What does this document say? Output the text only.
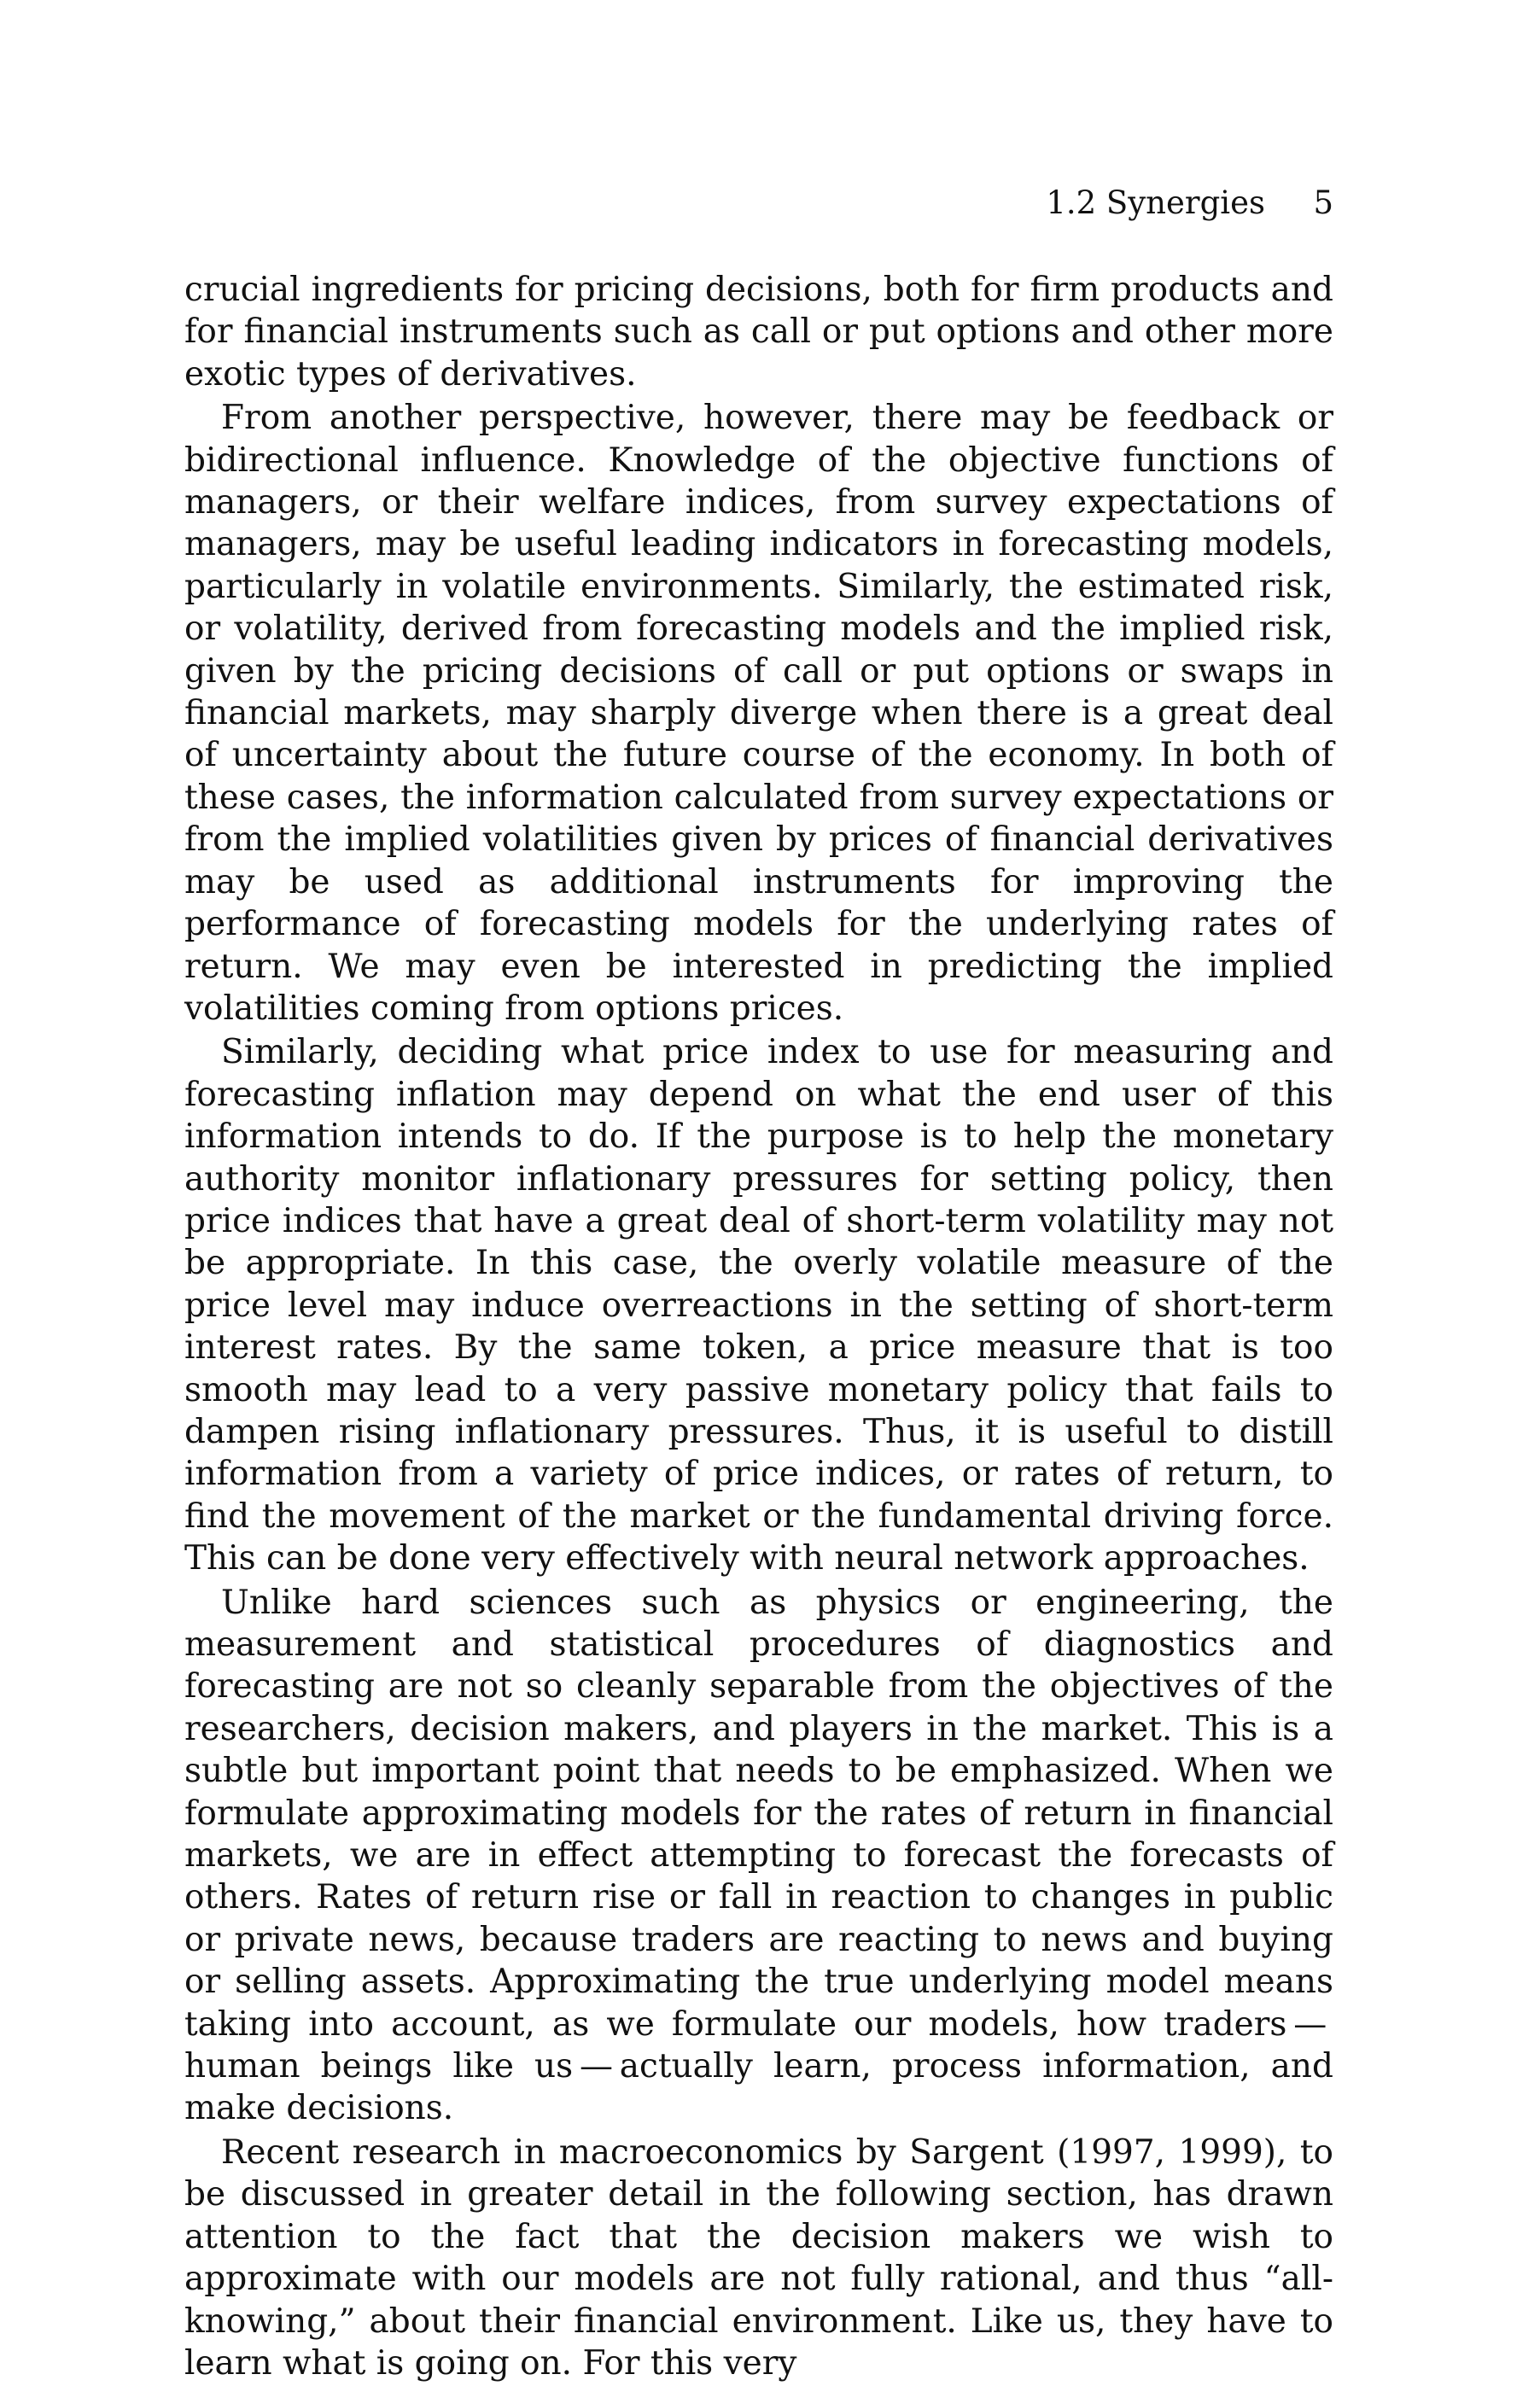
1.2 Synergies 5

crucial ingredients for pricing decisions, both for firm products and for financial instruments such as call or put options and other more exotic types of derivatives.

From another perspective, however, there may be feedback or bidirectional influence. Knowledge of the objective functions of managers, or their welfare indices, from survey expectations of managers, may be useful leading indicators in forecasting models, particularly in volatile environments. Similarly, the estimated risk, or volatility, derived from forecasting models and the implied risk, given by the pricing decisions of call or put options or swaps in financial markets, may sharply diverge when there is a great deal of uncertainty about the future course of the economy. In both of these cases, the information calculated from survey expectations or from the implied volatilities given by prices of financial derivatives may be used as additional instruments for improving the performance of forecasting models for the underlying rates of return. We may even be interested in predicting the implied volatilities coming from options prices.

Similarly, deciding what price index to use for measuring and forecasting inflation may depend on what the end user of this information intends to do. If the purpose is to help the monetary authority monitor inflationary pressures for setting policy, then price indices that have a great deal of short-term volatility may not be appropriate. In this case, the overly volatile measure of the price level may induce overreactions in the setting of short-term interest rates. By the same token, a price measure that is too smooth may lead to a very passive monetary policy that fails to dampen rising inflationary pressures. Thus, it is useful to distill information from a variety of price indices, or rates of return, to find the movement of the market or the fundamental driving force. This can be done very effectively with neural network approaches.

Unlike hard sciences such as physics or engineering, the measurement and statistical procedures of diagnostics and forecasting are not so cleanly separable from the objectives of the researchers, decision makers, and players in the market. This is a subtle but important point that needs to be emphasized. When we formulate approximating models for the rates of return in financial markets, we are in effect attempting to forecast the forecasts of others. Rates of return rise or fall in reaction to changes in public or private news, because traders are reacting to news and buying or selling assets. Approximating the true underlying model means taking into account, as we formulate our models, how traders — human beings like us — actually learn, process information, and make decisions.

Recent research in macroeconomics by Sargent (1997, 1999), to be discussed in greater detail in the following section, has drawn attention to the fact that the decision makers we wish to approximate with our models are not fully rational, and thus “all-knowing,” about their financial environment. Like us, they have to learn what is going on. For this very
